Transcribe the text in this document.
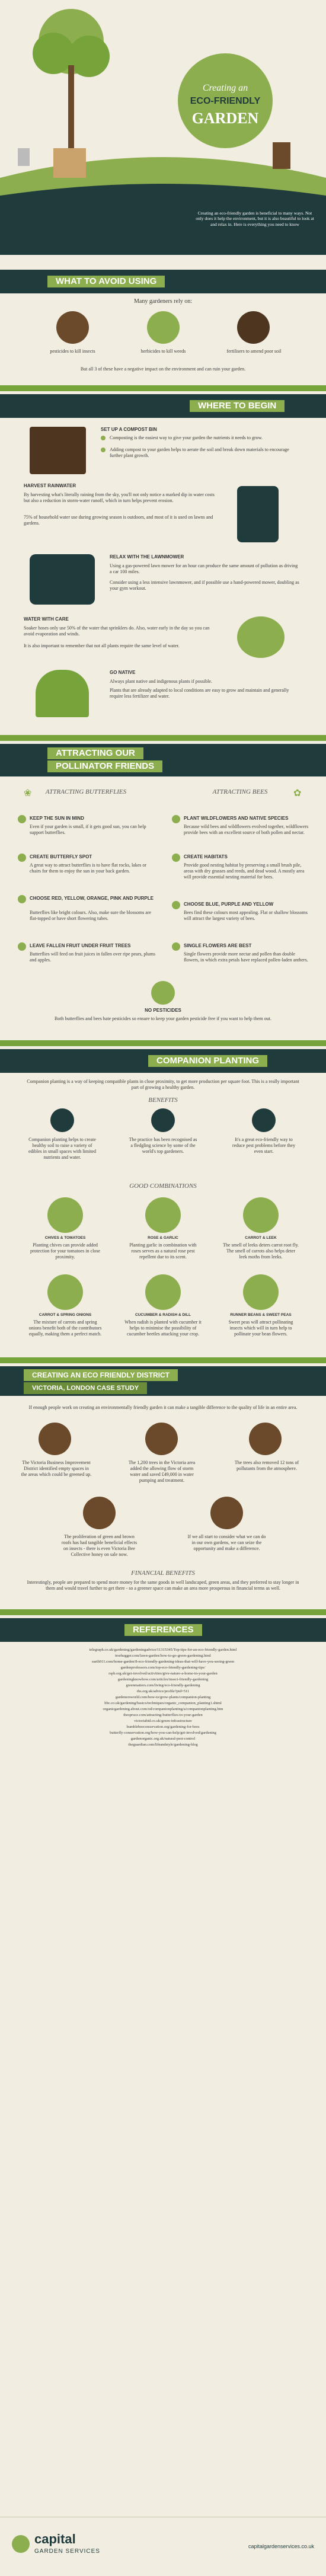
Creating an

ECO-FRIENDLY

GARDEN

Creating an eco-friendly garden is beneficial to many ways. Not only does it help the environment, but it is also beautiful to look at and relax in. Here is everything you need to know

WHAT TO AVOID USING

Many gardeners rely on:

pesticides to kill insects	herbicides to kill weeds	fertilisers to amend poor soil

But all 3 of these have a negative impact on the environment and can ruin your garden.

WHERE TO BEGIN

SET UP A COMPOST BIN

Composting is the easiest way to give your garden the nutrients it needs to grow.

Adding compost to your garden helps to aerate the soil and break down materials to encourage further plant growth.

HARVEST RAINWATER

By harvesting what's literally raining from the sky, you'll not only notice a marked dip in water costs but also a reduction in storm-water runoff, which in turn helps prevent erosion.

75% of household water use during growing season is outdoors, and most of it is used on lawns and gardens.

RELAX WITH THE LAWNMOWER

Using a gas-powered lawn mower for an hour can produce the same amount of pollution as driving a car 100 miles.

Consider using a less intensive lawnmower, and if possible use a hand-powered mower, doubling as your gym workout.

WATER WITH CARE

Soaker hoses only use 50% of the water that sprinklers do. Also, water early in the day so you can avoid evaporation and winds.

It is also important to remember that not all plants require the same level of water.

GO NATIVE

Always plant native and indigenous plants if possible.

Plants that are already adapted to local conditions are easy to grow and maintain and generally require less fertilizer and water.

ATTRACTING OUR
POLLINATOR FRIENDS

ATTRACTING BUTTERFLIES	ATTRACTING BEES

❀	✿

KEEP THE SUN IN MIND

Even if your garden is small, if it gets good sun, you can help support butterflies.

CREATE BUTTERFLY SPOT

A great way to attract butterflies is to have flat rocks, lakes or chairs for them to enjoy the sun in your back garden.

CHOOSE RED, YELLOW, ORANGE, PINK AND PURPLE

Butterflies like bright colours. Also, make sure the blossoms are flat-topped or have short flowering tubes.

LEAVE FALLEN FRUIT UNDER FRUIT TREES

Butterflies will feed on fruit juices in fallen over ripe pears, plums and apples.

PLANT WILDFLOWERS AND NATIVE SPECIES

Because wild bees and wildflowers evolved together, wildflowers provide bees with an excellent source of both pollen and nectar.

CREATE HABITATS

Provide good nesting habitat by preserving a small brush pile, areas with dry grasses and reeds, and dead wood. A mostly area will provide essential nesting material for bees.

CHOOSE BLUE, PURPLE AND YELLOW

Bees find these colours most appealing. Flat or shallow blossoms will attract the largest variety of bees.

SINGLE FLOWERS ARE BEST

Single flowers provide more nectar and pollen than double flowers, in which extra petals have replaced pollen-laden anthers.

NO PESTICIDES

Both butterflies and bees hate pesticides so ensure to keep your garden pesticide free if you want to help them out.

COMPANION PLANTING

Companion planting is a way of keeping compatible plants in close proximity, to get more production per square foot. This is a really important part of growing a healthy garden.

BENEFITS

Companion planting helps to create healthy soil to raise a variety of edibles in small spaces with limited nutrients and water.

The practice has been recognised as a fledgling science by some of the world's top gardeners.

It's a great eco-friendly way to reduce pest problems before they even start.

GOOD COMBINATIONS

CHIVES & TOMATOES

Planting chives can provide added protection for your tomatoes in close proximity.

ROSE & GARLIC

Planting garlic in combination with roses serves as a natural rose pest repellent due to its scent.

CARROT & LEEK

The smell of leeks deters carrot root fly. The smell of carrots also helps deter leek moths from leeks.

CARROT & SPRING ONIONS

The mixture of carrots and spring onions benefit both of the contributors equally, making them a perfect match.

CUCUMBER & RADISH & DILL

When radish is planted with cucumber it helps to minimise the possibility of cucumber beetles attacking your crop.

RUNNER BEANS & SWEET PEAS

Sweet peas will attract pollinating insects which will in turn help to pollinate your bean flowers.

CREATING AN ECO FRIENDLY DISTRICT
VICTORIA, LONDON CASE STUDY

If enough people work on creating an environmentally friendly garden it can make a tangible difference to the quality of life in an entire area.

The Victoria Business Improvement District identified empty spaces in the areas which could be greened up.

The 1,200 trees in the Victoria area added the allowing flow of storm water and saved £49,000 in water pumping and treatment.

The trees also removed 12 tons of pollutants from the atmosphere.

The proliferation of green and brown roofs has had tangible beneficial effects on insects - there is even Victoria Bee Collective honey on sale now.

If we all start to consider what we can do in our own gardens, we can seize the opportunity and make a difference.

FINANCIAL BENEFITS

Interestingly, people are prepared to spend more money for the same goods in well landscaped, green areas, and they preferred to stay longer in them and would travel further to get there - so a greener space can make an area more prosperous in financial terms as well.

REFERENCES

telegraph.co.uk/gardening/gardeningadvice/11315345/Top-tips-for-an-eco-friendly-garden.html

treehugger.com/lawn-garden/how-to-go-green-gardening.html

earth911.com/home-garden/8-eco-friendly-gardening-ideas-that-will-have-you-seeing-green

gardenprofessors.com/top-eco-friendly-gardening-tips/

rspb.org.uk/get-involved/activities/give-nature-a-home-in-your-garden

gardeningknowhow.com/articles/insect-friendly-gardening

greenmatters.com/living/eco-friendly-gardening

rhs.org.uk/advice/profile?pid=511

gardenersworld.com/how-to/grow-plants/companion-planting

bbc.co.uk/gardening/basics/techniques/organic_companion_planting1.shtml

organicgardening.about.com/od/companionplanting/a/companionplanting.htm

thespruce.com/attracting-butterflies-to-your-garden

victoriabid.co.uk/green-infrastructure

bumblebeeconservation.org/gardening-for-bees

butterfly-conservation.org/how-you-can-help/get-involved/gardening

gardenorganic.org.uk/natural-pest-control

theguardian.com/lifeandstyle/gardening-blog

capital

GARDEN SERVICES

capitalgardenservices.co.uk
